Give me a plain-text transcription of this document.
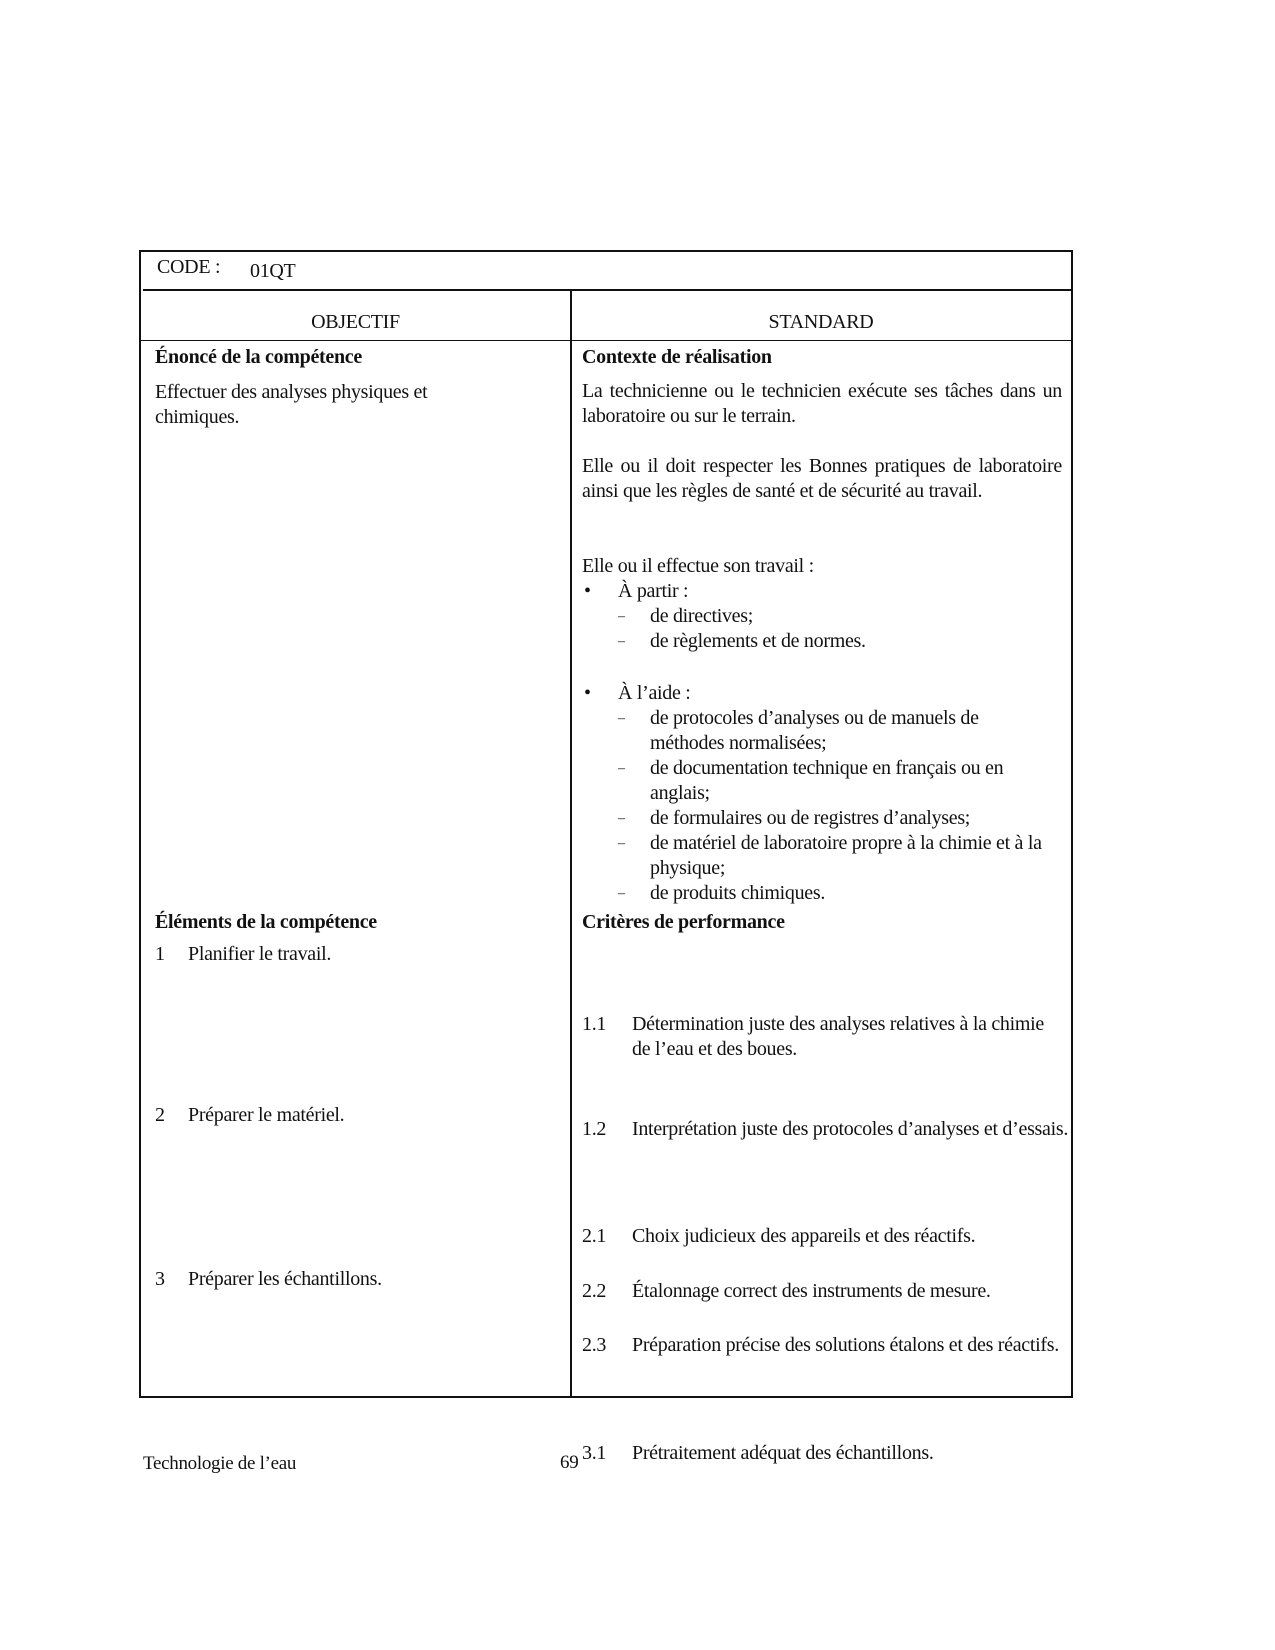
CODE : 01QT
OBJECTIF	STANDARD
Énoncé de la compétence
Effectuer des analyses physiques et chimiques.
Éléments de la compétence
1 Planifier le travail.
2 Préparer le matériel.
3 Préparer les échantillons.
Contexte de réalisation
La technicienne ou le technicien exécute ses tâches dans un laboratoire ou sur le terrain.
Elle ou il doit respecter les Bonnes pratiques de laboratoire ainsi que les règles de santé et de sécurité au travail.
Elle ou il effectue son travail :
• À partir :
– de directives;
– de règlements et de normes.
• À l’aide :
– de protocoles d’analyses ou de manuels de méthodes normalisées;
– de documentation technique en français ou en anglais;
– de formulaires ou de registres d’analyses;
– de matériel de laboratoire propre à la chimie et à la physique;
– de produits chimiques.
Critères de performance
1.1 Détermination juste des analyses relatives à la chimie de l’eau et des boues.
1.2 Interprétation juste des protocoles d’analyses et d’essais.
2.1 Choix judicieux des appareils et des réactifs.
2.2 Étalonnage correct des instruments de mesure.
2.3 Préparation précise des solutions étalons et des réactifs.
3.1 Prétraitement adéquat des échantillons.
Technologie de l’eau	69
